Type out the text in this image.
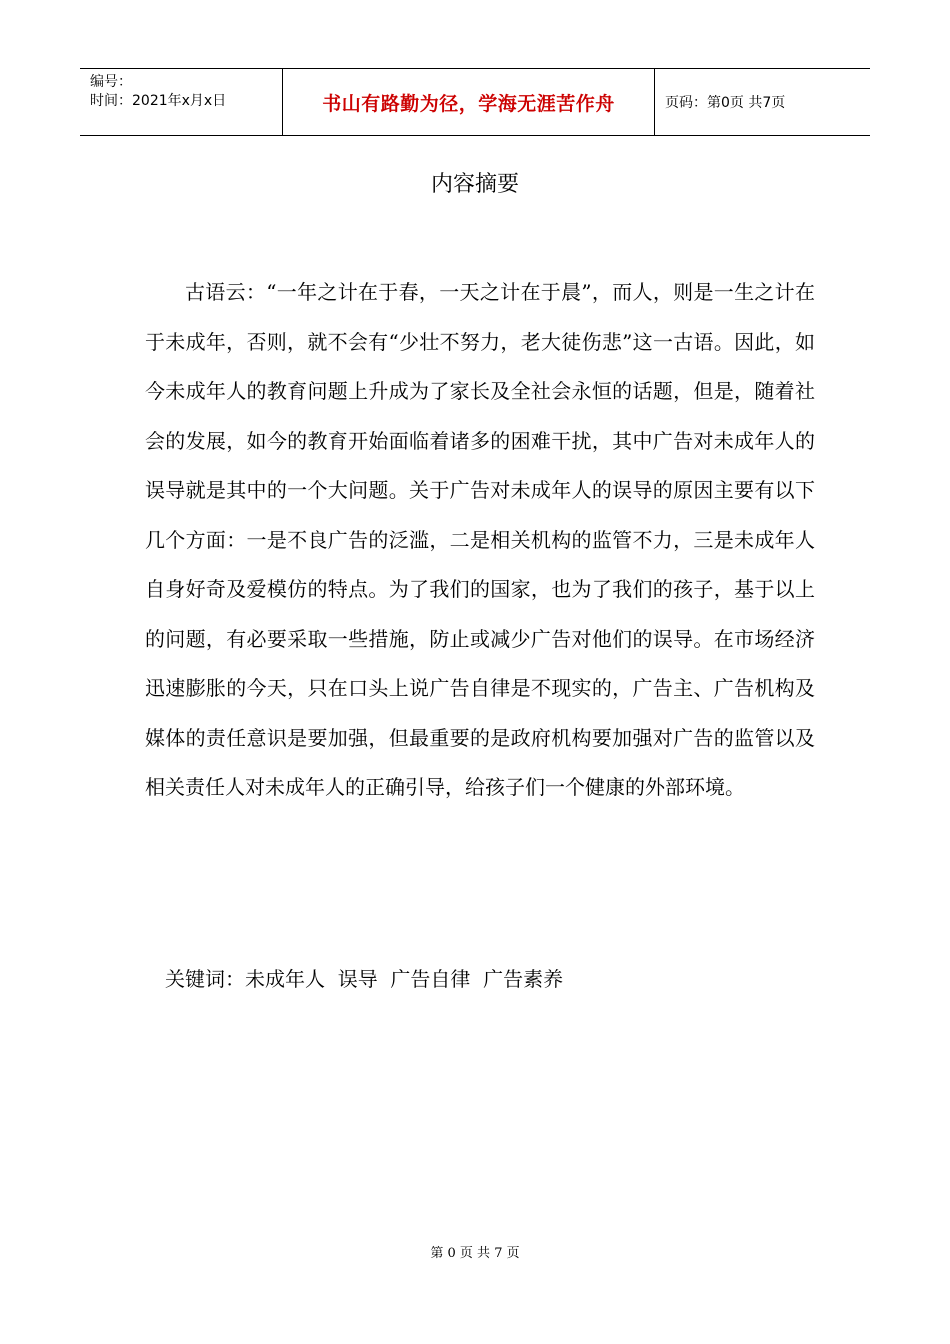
编号：
时间：2021年x月x日	书山有路勤为径，学海无涯苦作舟	页码：第0页 共7页
内容摘要

古语云：“一年之计在于春，一天之计在于晨”，而人，则是一生之计在于未成年，否则，就不会有“少壮不努力，老大徒伤悲”这一古语。因此，如今未成年人的教育问题上升成为了家长及全社会永恒的话题，但是，随着社会的发展，如今的教育开始面临着诸多的困难干扰，其中广告对未成年人的误导就是其中的一个大问题。关于广告对未成年人的误导的原因主要有以下几个方面：一是不良广告的泛滥，二是相关机构的监管不力，三是未成年人自身好奇及爱模仿的特点。为了我们的国家，也为了我们的孩子，基于以上的问题，有必要采取一些措施，防止或减少广告对他们的误导。在市场经济迅速膨胀的今天，只在口头上说广告自律是不现实的，广告主、广告机构及媒体的责任意识是要加强，但最重要的是政府机构要加强对广告的监管以及相关责任人对未成年人的正确引导，给孩子们一个健康的外部环境。

关键词：未成年人  误导  广告自律  广告素养
第 0 页 共 7 页
